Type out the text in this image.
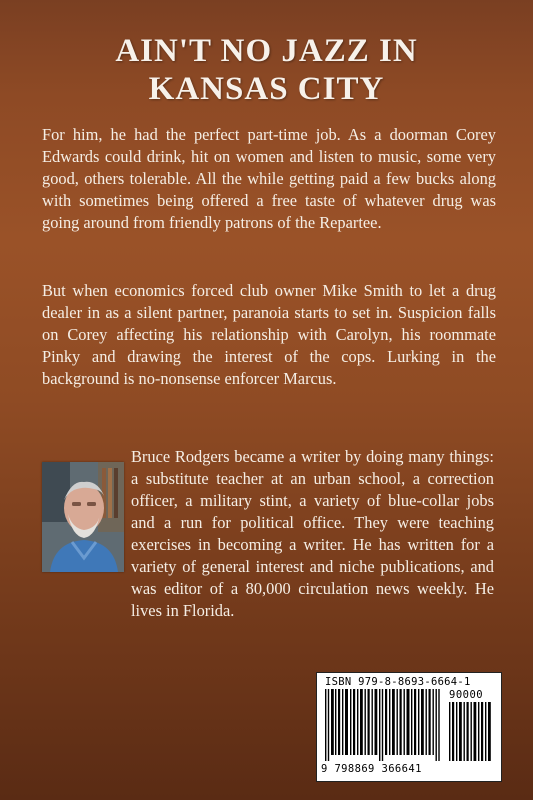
AIN'T NO JAZZ IN
KANSAS CITY

For him, he had the perfect part-time job. As a doorman Corey Edwards could drink, hit on women and listen to music, some very good, others tolerable. All the while getting paid a few bucks along with sometimes being offered a free taste of whatever drug was going around from friendly patrons of the Repartee.

But when economics forced club owner Mike Smith to let a drug dealer in as a silent partner, paranoia starts to set in. Suspicion falls on Corey affecting his relationship with Carolyn, his roommate Pinky and drawing the interest of the cops. Lurking in the background is no-nonsense enforcer Marcus.

Bruce Rodgers became a writer by doing many things: a substitute teacher at an urban school, a correction officer, a military stint, a variety of blue-collar jobs and a run for political office. They were teaching exercises in becoming a writer. He has written for a variety of general interest and niche publications, and was editor of a 80,000 circulation news weekly. He lives in Florida.

ISBN 979-8-8693-6664-1
90000
9 798869 366641
